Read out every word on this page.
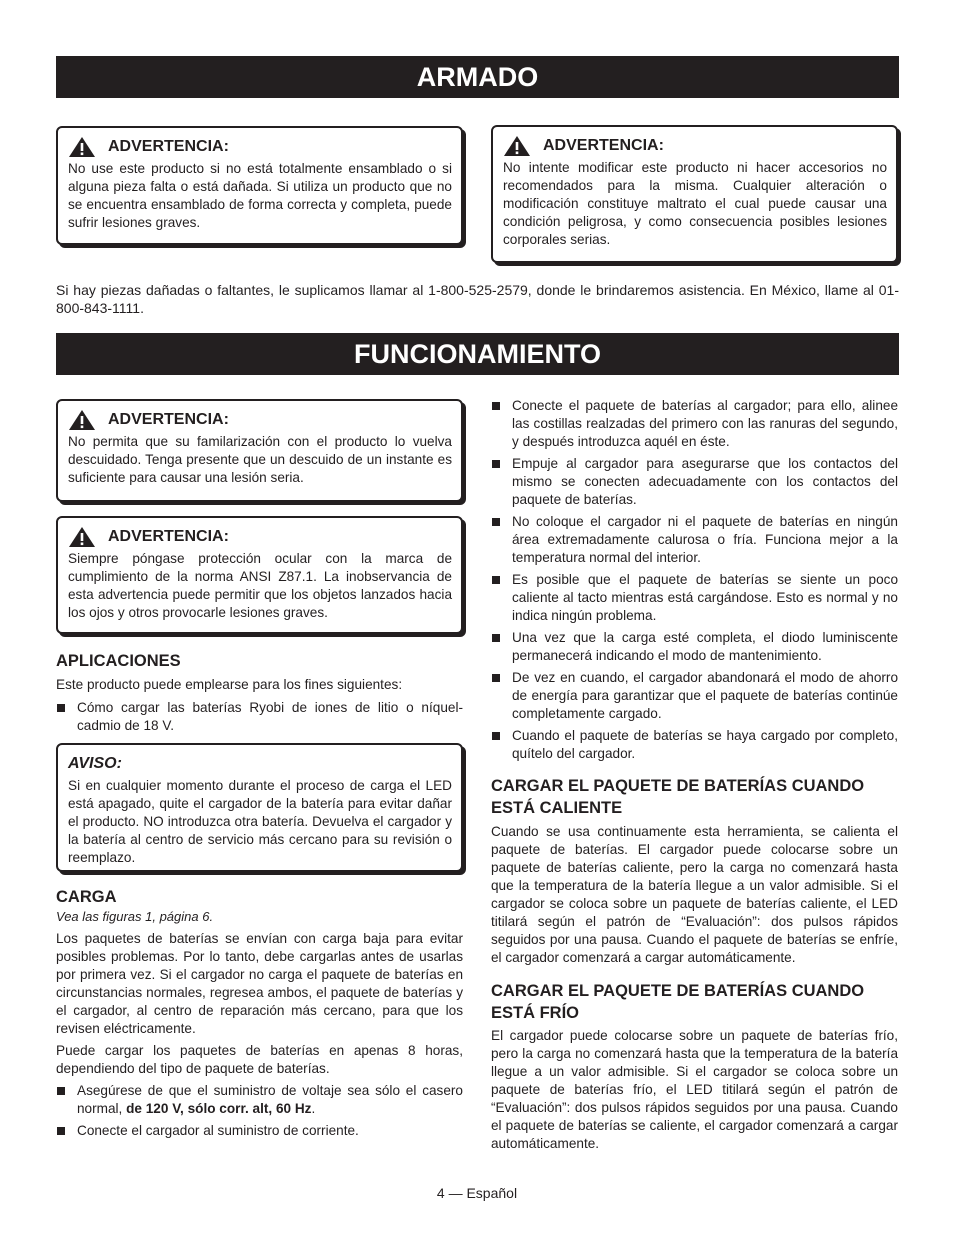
ARMADO
ADVERTENCIA:
No use este producto si no está totalmente ensamblado o si alguna pieza falta o está dañada. Si utiliza un producto que no se encuentra ensamblado de forma correcta y completa, puede sufrir lesiones graves.
ADVERTENCIA:
No intente modificar este producto ni hacer accesorios no recomendados para la misma. Cualquier alteración o modificación constituye maltrato el cual puede causar una condición peligrosa, y como consecuencia posibles lesiones corporales serias.
Si hay piezas dañadas o faltantes, le suplicamos llamar al 1-800-525-2579, donde le brindaremos asistencia. En México, llame al 01-800-843-1111.
FUNCIONAMIENTO
ADVERTENCIA:
No permita que su familarización con el producto lo vuelva descuidado. Tenga presente que un descuido de un instante es suficiente para causar una lesión seria.
ADVERTENCIA:
Siempre póngase protección ocular con la marca de cumplimiento de la norma ANSI Z87.1. La inobservancia de esta advertencia puede permitir que los objetos lanzados hacia los ojos y otros provocarle lesiones graves.
APLICACIONES
Este producto puede emplearse para los fines siguientes:
Cómo cargar las baterías Ryobi de iones de litio o níquel-cadmio de 18 V.
AVISO:
Si en cualquier momento durante el proceso de carga el LED está apagado, quite el cargador de la batería para evitar dañar el producto. NO introduzca otra batería. Devuelva el cargador y la batería al centro de servicio más cercano para su revisión o reemplazo.
CARGA
Vea las figuras 1, página 6.
Los paquetes de baterías se envían con carga baja para evitar posibles problemas. Por lo tanto, debe cargarlas antes de usarlas por primera vez. Si el cargador no carga el paquete de baterías en circunstancias normales, regresea ambos, el paquete de baterías y el cargador, al centro de reparación más cercano, para que los revisen eléctricamente.
Puede cargar los paquetes de baterías en apenas 8 horas, dependiendo del tipo de paquete de baterías.
Asegúrese de que el suministro de voltaje sea sólo el casero normal, de 120 V, sólo corr. alt, 60 Hz.
Conecte el cargador al suministro de corriente.
Conecte el paquete de baterías al cargador; para ello, alinee las costillas realzadas del primero con las ranuras del segundo, y después introduzca aquél en éste.
Empuje al cargador para asegurarse que los contactos del mismo se conecten adecuadamente con los contactos del paquete de baterías.
No coloque el cargador ni el paquete de baterías en ningún área extremadamente calurosa o fría. Funciona mejor a la temperatura normal del interior.
Es posible que el paquete de baterías se siente un poco caliente al tacto mientras está cargándose. Esto es normal y no indica ningún problema.
Una vez que la carga esté completa, el diodo luminiscente permanecerá indicando el modo de mantenimiento.
De vez en cuando, el cargador abandonará el modo de ahorro de energía para garantizar que el paquete de baterías continúe completamente cargado.
Cuando el paquete de baterías se haya cargado por completo, quítelo del cargador.
CARGAR EL PAQUETE DE BATERÍAS CUANDO ESTÁ CALIENTE
Cuando se usa continuamente esta herramienta, se calienta el paquete de baterías. El cargador puede colocarse sobre un paquete de baterías caliente, pero la carga no comenzará hasta que la temperatura de la batería llegue a un valor admisible. Si el cargador se coloca sobre un paquete de baterías caliente, el LED titilará según el patrón de “Evaluación”: dos pulsos rápidos seguidos por una pausa. Cuando el paquete de baterías se enfríe, el cargador comenzará a cargar automáticamente.
CARGAR EL PAQUETE DE BATERÍAS CUANDO ESTÁ FRÍO
El cargador puede colocarse sobre un paquete de baterías frío, pero la carga no comenzará hasta que la temperatura de la batería llegue a un valor admisible. Si el cargador se coloca sobre un paquete de baterías frío, el LED titilará según el patrón de “Evaluación”: dos pulsos rápidos seguidos por una pausa. Cuando el paquete de baterías se caliente, el cargador comenzará a cargar automáticamente.
4 — Español
